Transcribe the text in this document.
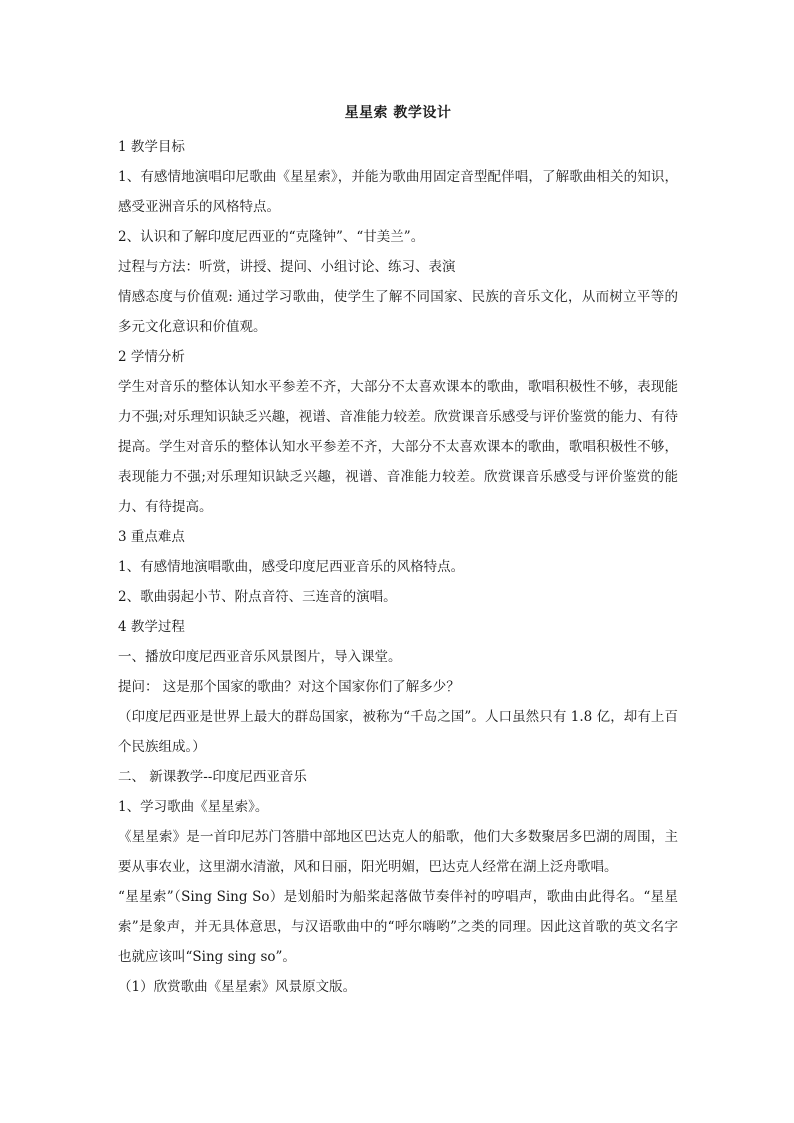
星星索 教学设计

1 教学目标

1、有感情地演唱印尼歌曲《星星索》，并能为歌曲用固定音型配伴唱，了解歌曲相关的知识，感受亚洲音乐的风格特点。

2、认识和了解印度尼西亚的“克隆钟”、“甘美兰”。

过程与方法：听赏，讲授、提问、小组讨论、练习、表演

情感态度与价值观: 通过学习歌曲，使学生了解不同国家、民族的音乐文化，从而树立平等的多元文化意识和价值观。

2 学情分析

学生对音乐的整体认知水平参差不齐，大部分不太喜欢课本的歌曲，歌唱积极性不够，表现能力不强;对乐理知识缺乏兴趣，视谱、音准能力较差。欣赏课音乐感受与评价鉴赏的能力、有待提高。学生对音乐的整体认知水平参差不齐，大部分不太喜欢课本的歌曲，歌唱积极性不够，表现能力不强;对乐理知识缺乏兴趣，视谱、音准能力较差。欣赏课音乐感受与评价鉴赏的能力、有待提高。

3 重点难点

1、有感情地演唱歌曲，感受印度尼西亚音乐的风格特点。

2、歌曲弱起小节、附点音符、三连音的演唱。

4 教学过程

一、播放印度尼西亚音乐风景图片，导入课堂。

提问： 这是那个国家的歌曲？对这个国家你们了解多少？

（印度尼西亚是世界上最大的群岛国家，被称为“千岛之国”。人口虽然只有 1.8 亿，却有上百个民族组成。）

二、 新课教学--印度尼西亚音乐

1、学习歌曲《星星索》。

《星星索》是一首印尼苏门答腊中部地区巴达克人的船歌，他们大多数聚居多巴湖的周围，主要从事农业，这里湖水清澈，风和日丽，阳光明媚，巴达克人经常在湖上泛舟歌唱。

“星星索”（Sing Sing So）是划船时为船桨起落做节奏伴衬的哼唱声，歌曲由此得名。“星星索”是象声，并无具体意思，与汉语歌曲中的“呼尔嗨哟”之类的同理。因此这首歌的英文名字也就应该叫“Sing sing so”。

（1）欣赏歌曲《星星索》风景原文版。
